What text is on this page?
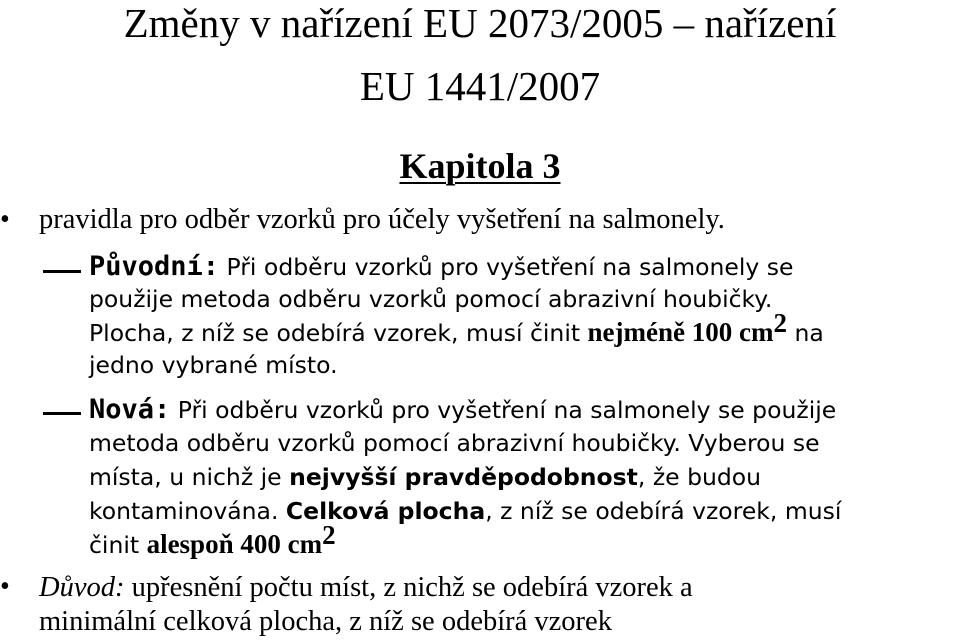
Změny v nařízení EU 2073/2005 – nařízení
EU 1441/2007
Kapitola 3
• pravidla pro odběr vzorků pro účely vyšetření na salmonely.
Původní: Při odběru vzorků pro vyšetření na salmonely se
použije metoda odběru vzorků pomocí abrazivní houbičky.
Plocha, z níž se odebírá vzorek, musí činit nejméně 100 $cm^2$ na
jedno vybrané místo.
Nová: Při odběru vzorků pro vyšetření na salmonely se použije
metoda odběru vzorků pomocí abrazivní houbičky. Vyberou se
místa, u nichž je nejvyšší pravděpodobnost, že budou
kontaminována. Celková plocha, z níž se odebírá vzorek, musí
činit alespoň 400 $cm^2$
• Důvod: upřesnění počtu míst, z nichž se odebírá vzorek a
minimální celková plocha, z níž se odebírá vzorek
